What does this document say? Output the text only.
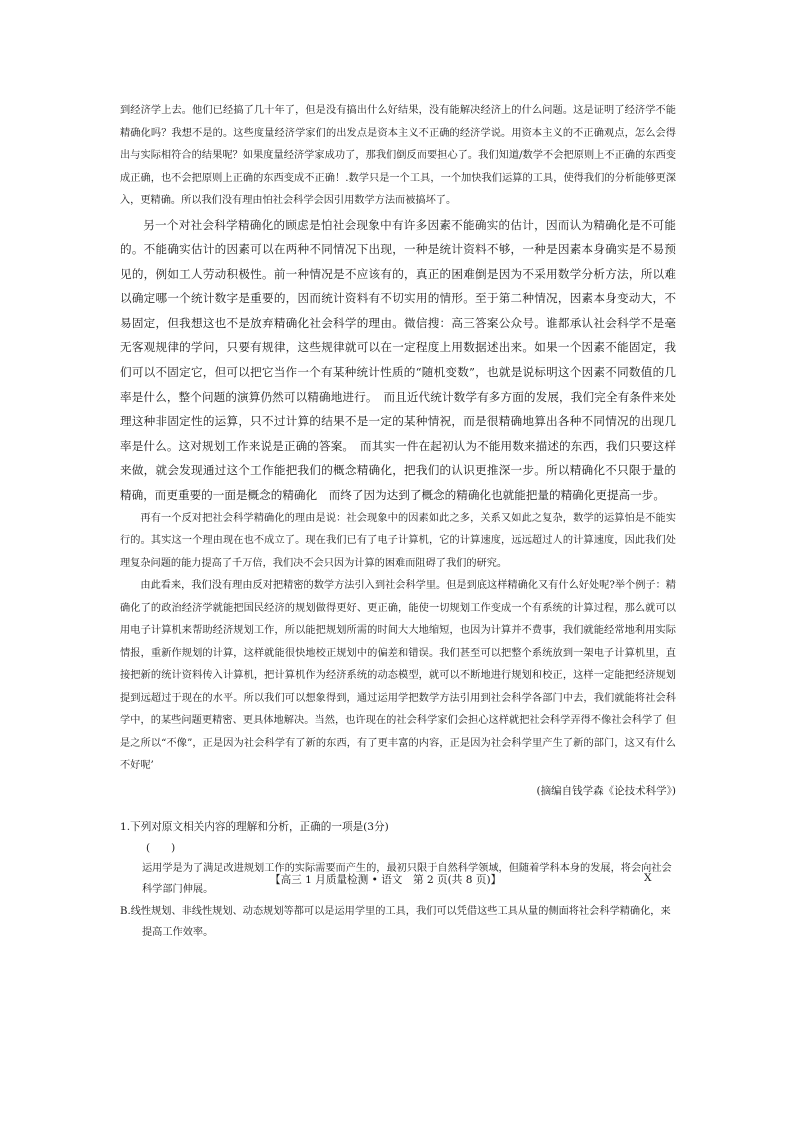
到经济学上去。他们已经搞了几十年了，但是没有搞出什么好结果，没有能解决经济上的什么问题。这是证明了经济学不能精确化吗？我想不是的。这些度量经济学家们的出发点是资本主义不正确的经济学说。用资本主义的不正确观点，怎么会得出与实际相符合的结果呢？如果度量经济学家成功了，那我们倒反而要担心了。我们知道/数学不会把原则上不正确的东西变成正确，也不会把原则上正确的东西变成不正确！.数学只是一个工具，一个加快我们运算的工具，使得我们的分析能够更深入，更精确。所以我们没有理由怕社会科学会因引用数学方法而被搞坏了。

另一个对社会科学精确化的顾虑是怕社会现象中有许多因素不能确实的估计，因而认为精确化是不可能的。不能确实估计的因素可以在两种不同情况下出现，一种是统计资料不够，一种是因素本身确实是不易预见的，例如工人劳动积极性。前一种情况是不应该有的，真正的困难倒是因为不采用数学分析方法，所以难以确定哪一个统计数字是重要的，因而统计资料有不切实用的情形。至于第二种情况，因素本身变动大，不易固定，但我想这也不是放弃精确化社会科学的理由。微信搜：高三答案公众号。谁都承认社会科学不是毫无客观规律的学问，只要有规律，这些规律就可以在一定程度上用数据述出来。如果一个因素不能固定，我们可以不固定它，但可以把它当作一个有某种统计性质的“随机变数”，也就是说标明这个因素不同数值的几率是什么，整个问题的演算仍然可以精确地进行。　而且近代统计数学有多方面的发展，我们完全有条件来处理这种非固定性的运算，只不过计算的结果不是一定的某种情祝，而是很精确地算出各种不同情况的出现几率是什么。这对规划工作来说是正确的答案。　而其实一件在起初认为不能用数来描述的东西，我们只要这样来做，就会发现通过这个工作能把我们的概念精确化，把我们的认识更推深一步。所以精确化不只限于量的精确，而更重要的一面是概念的精确化　而终了因为达到了概念的精确化也就能把量的精确化更提高一步。

再有一个反对把社会科学精确化的理由是说：社会现象中的因素如此之多，关系又如此之复杂，数学的运算怕是不能实行的。其实这一个理由现在也不成立了。现在我们已有了电子计算机，它的计算速度，远远超过人的计算速度，因此我们处理复杂问题的能力提高了千万倍，我们决不会只因为计算的困难而阻碍了我们的研究。

由此看来，我们没有理由反对把精密的数学方法引入到社会科学里。但是到底这样精确化又有什么好处呢?举个例子：精确化了的政治经济学就能把国民经济的规划做得更好、更正确，能使一切规划工作变成一个有系统的计算过程，那么就可以用电子计算机来帮助经济规划工作，所以能把规划所需的时间大大地缩短，也因为计算并不费事，我们就能经常地利用实际情报，重新作规划的计算，这样就能很快地校正规划中的偏差和错误。我们甚至可以把整个系统放到一架电子计算机里，直接把新的统计资料传入计算机，把计算机作为经济系统的动态模型，就可以不断地进行规划和校正，这样一定能把经济规划提到远超过于现在的水平。所以我们可以想象得到，通过运用学把数学方法引用到社会科学各部门中去，我们就能将社会科学中，的某些问题更精密、更具体地解决。当然，也许现在的社会科学家们会担心这样就把社会科学弄得不像社会科学了 但是之所以“不像”，正是因为社会科学有了新的东西，有了更丰富的内容，正是因为社会科学里产生了新的部门，这又有什么不好呢’

(摘编自钱学森《论技术科学》)

1.下列对原文相关内容的理解和分析，正确的一项是(3分)

(　　)

运用学是为了满足改进规划工作的实际需要而产生的，最初只限于自然科学领域，但随着学科本身的发展，将会向社会科学部门伸展。

B.线性规划、非线性规划、动态规划等都可以是运用学里的工具，我们可以凭借这些工具从量的侧面将社会科学精确化，来提高工作效率。

【高三 1 月质量检测 • 语文　第 2 页(共 8 页)】	X
